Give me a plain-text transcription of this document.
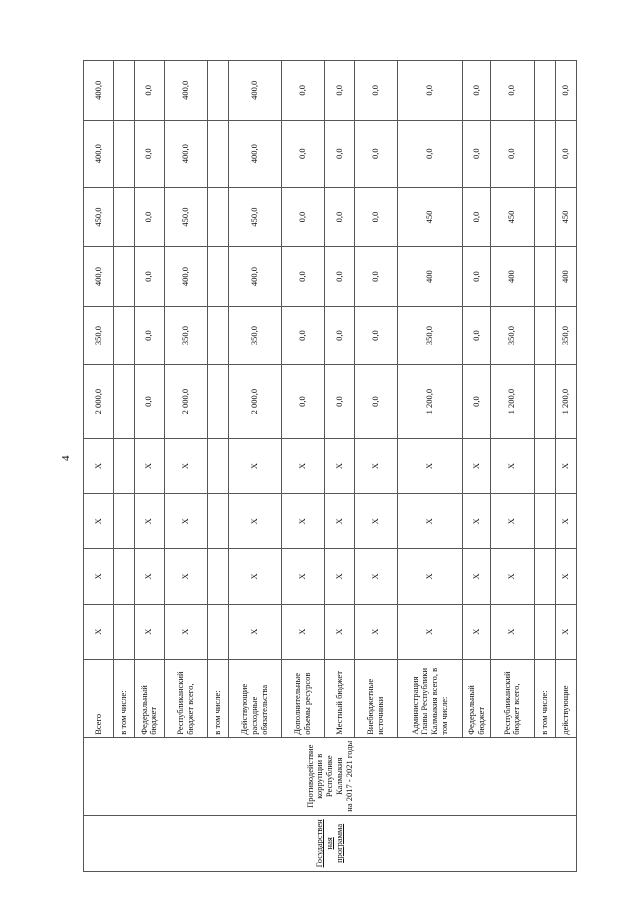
4
Государствен
ная
программа	Противодействие
коррупции в
Республике
Калмыкия
на 2017 - 2021 годы	Всего	Х	Х	Х	Х	2 000,0	350,0	400,0	450,0	400,0	400,0
		в том числе:										
		Федеральный бюджет	Х	Х	Х	Х	0,0	0,0	0,0	0,0	0,0	0,0
		Республиканский бюджет всего,	Х	Х	Х	Х	2 000,0	350,0	400,0	450,0	400,0	400,0
		в том числе:										
		Действующие расходные обязательства	Х	Х	Х	Х	2 000,0	350,0	400,0	450,0	400,0	400,0
		Дополнительные объемы ресурсов	Х	Х	Х	Х	0,0	0,0	0,0	0,0	0,0	0,0
		Местный бюджет	Х	Х	Х	Х	0,0	0,0	0,0	0,0	0,0	0,0
		Внебюджетные источники	Х	Х	Х	Х	0,0	0,0	0,0	0,0	0,0	0,0
		Администрация Главы Республики Калмыкия всего, в том числе:	Х	Х	Х	Х	1 200,0	350,0	400	450	0,0	0,0
		Федеральный бюджет	Х	Х	Х	Х	0,0	0,0	0,0	0,0	0,0	0,0
		Республиканский бюджет всего,	Х	Х	Х	Х	1 200,0	350,0	400	450	0,0	0,0
		в том числе:										
		действующие	Х	Х	Х	Х	1 200,0	350,0	400	450	0,0	0,0
